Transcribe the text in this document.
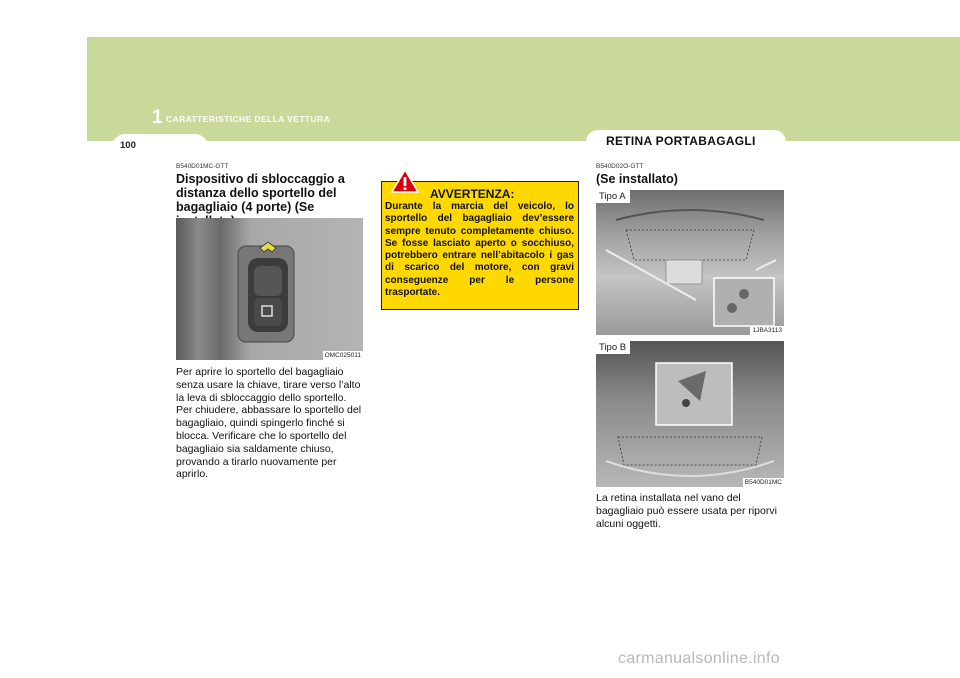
1 CARATTERISTICHE DELLA VETTURA
100	RETINA PORTABAGAGLI
B540D01MC-GTT
Dispositivo di sbloccaggio a distanza dello sportello del bagagliaio (4 porte) (Se
OMC025011
Per aprire lo sportello del bagagliaio senza usare la chiave, tirare verso l’alto la leva di sbloccaggio dello sportello. Per chiudere, abbassare lo sportello del bagagliaio, quindi spingerlo finché si blocca. Verificare che lo sportello del bagagliaio sia saldamente chiuso, provando a tirarlo nuovamente per aprirlo.
AVVERTENZA:
Durante la marcia del veicolo, lo sportello del bagagliaio dev’essere sempre tenuto completamente chiuso. Se fosse lasciato aperto o socchiuso, potrebbero entrare nell’abitacolo i gas di scarico del motore, con gravi conseguenze per le persone trasportate.
B540D02O-GTT
(Se installato)
Tipo A
1JBA3113
Tipo B
B540D01MC
La retina installata nel vano del bagagliaio può essere usata per riporvi alcuni oggetti.
carmanualsonline.info
